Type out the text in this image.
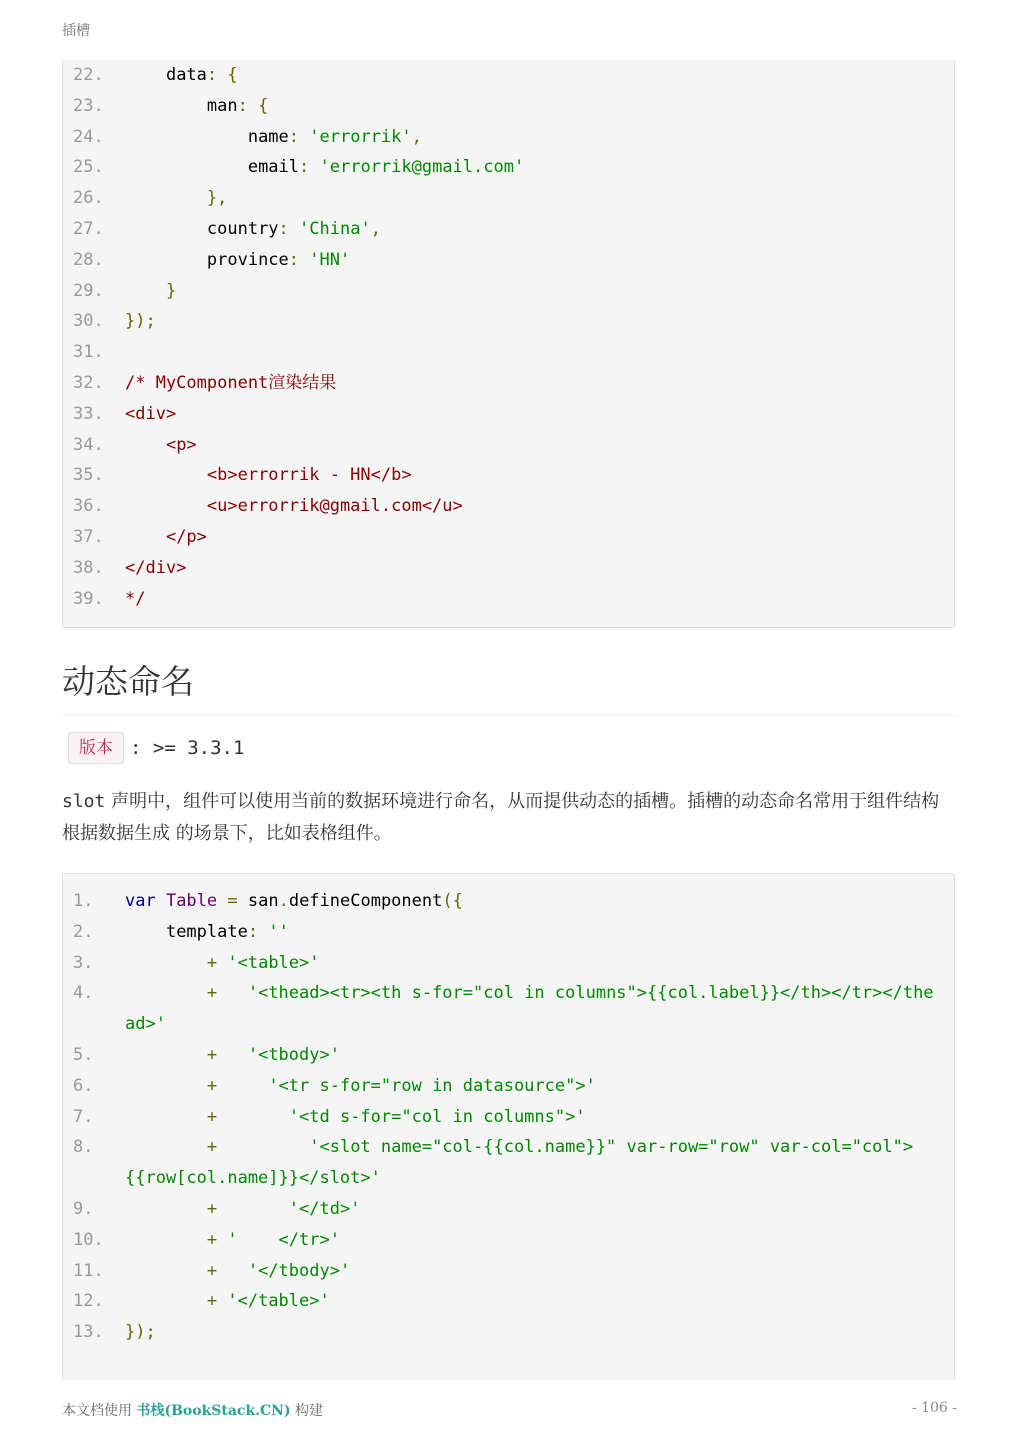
插槽
22.	data: {
23.	man: {
24.	name: 'errorrik',
25.	email: 'errorrik@gmail.com'
26.	},
27.	country: 'China',
28.	province: 'HN'
29.	}
30.	});
31.
32.	/* MyComponent渲染结果
33.	<div>
34.	<p>
35.	<b>errorrik - HN</b>
36.	<u>errorrik@gmail.com</u>
37.	</p>
38.	</div>
39.	*/
动态命名
版本 : >= 3.3.1

slot 声明中，组件可以使用当前的数据环境进行命名，从而提供动态的插槽。插槽的动态命名常用于组件结构根据数据生成 的场景下，比如表格组件。

1.	var Table = san.defineComponent({
2.	template: ''
3.	+ '<table>'
4.	+   '<thead><tr><th s-for="col in columns">{{col.label}}</th></tr></thead>'
5.	+   '<tbody>'
6.	+     '<tr s-for="row in datasource">'
7.	+       '<td s-for="col in columns">'
8.	+         '<slot name="col-{{col.name}}" var-row="row" var-col="col">{{row[col.name]}}</slot>'
9.	+       '</td>'
10.	+ '    </tr>'
11.	+   '</tbody>'
12.	+ '</table>'
13.	});
本文档使用 书栈(BookStack.CN) 构建	- 106 -
